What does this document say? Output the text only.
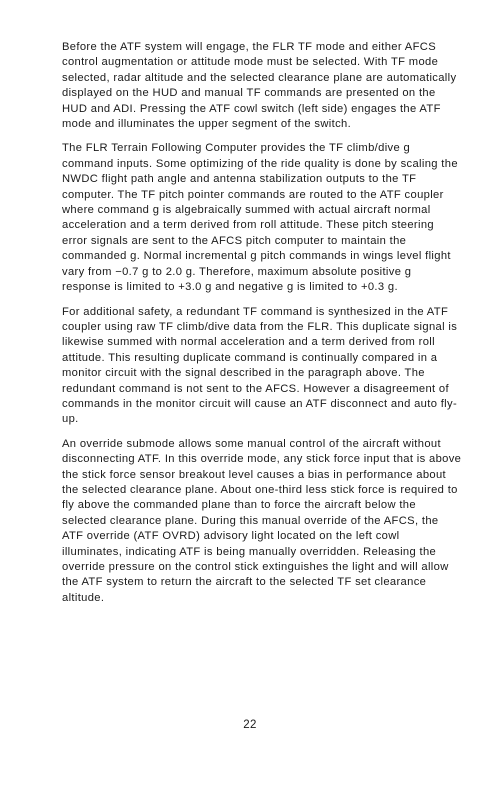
Before the ATF system will engage, the FLR TF mode and either AFCS control augmentation or attitude mode must be selected. With TF mode selected, radar altitude and the selected clearance plane are automatically displayed on the HUD and manual TF commands are presented on the HUD and ADI. Pressing the ATF cowl switch (left side) engages the ATF mode and illuminates the upper segment of the switch.

The FLR Terrain Following Computer provides the TF climb/dive g command inputs. Some optimizing of the ride quality is done by scaling the NWDC flight path angle and antenna stabilization outputs to the TF computer. The TF pitch pointer commands are routed to the ATF coupler where command g is algebraically summed with actual aircraft normal acceleration and a term derived from roll attitude. These pitch steering error signals are sent to the AFCS pitch computer to maintain the commanded g. Normal incremental g pitch commands in wings level flight vary from −0.7 g to 2.0 g. Therefore, maximum absolute positive g response is limited to +3.0 g and negative g is limited to +0.3 g.

For additional safety, a redundant TF command is synthesized in the ATF coupler using raw TF climb/dive data from the FLR. This duplicate signal is likewise summed with normal acceleration and a term derived from roll attitude. This resulting duplicate command is continually compared in a monitor circuit with the signal described in the paragraph above. The redundant command is not sent to the AFCS. However a disagreement of commands in the monitor circuit will cause an ATF disconnect and auto fly-up.

An override submode allows some manual control of the aircraft without disconnecting ATF. In this override mode, any stick force input that is above the stick force sensor breakout level causes a bias in performance about the selected clearance plane. About one-third less stick force is required to fly above the commanded plane than to force the aircraft below the selected clearance plane. During this manual override of the AFCS, the ATF override (ATF OVRD) advisory light located on the left cowl illuminates, indicating ATF is being manually overridden. Releasing the override pressure on the control stick extinguishes the light and will allow the ATF system to return the aircraft to the selected TF set clearance altitude.

22
